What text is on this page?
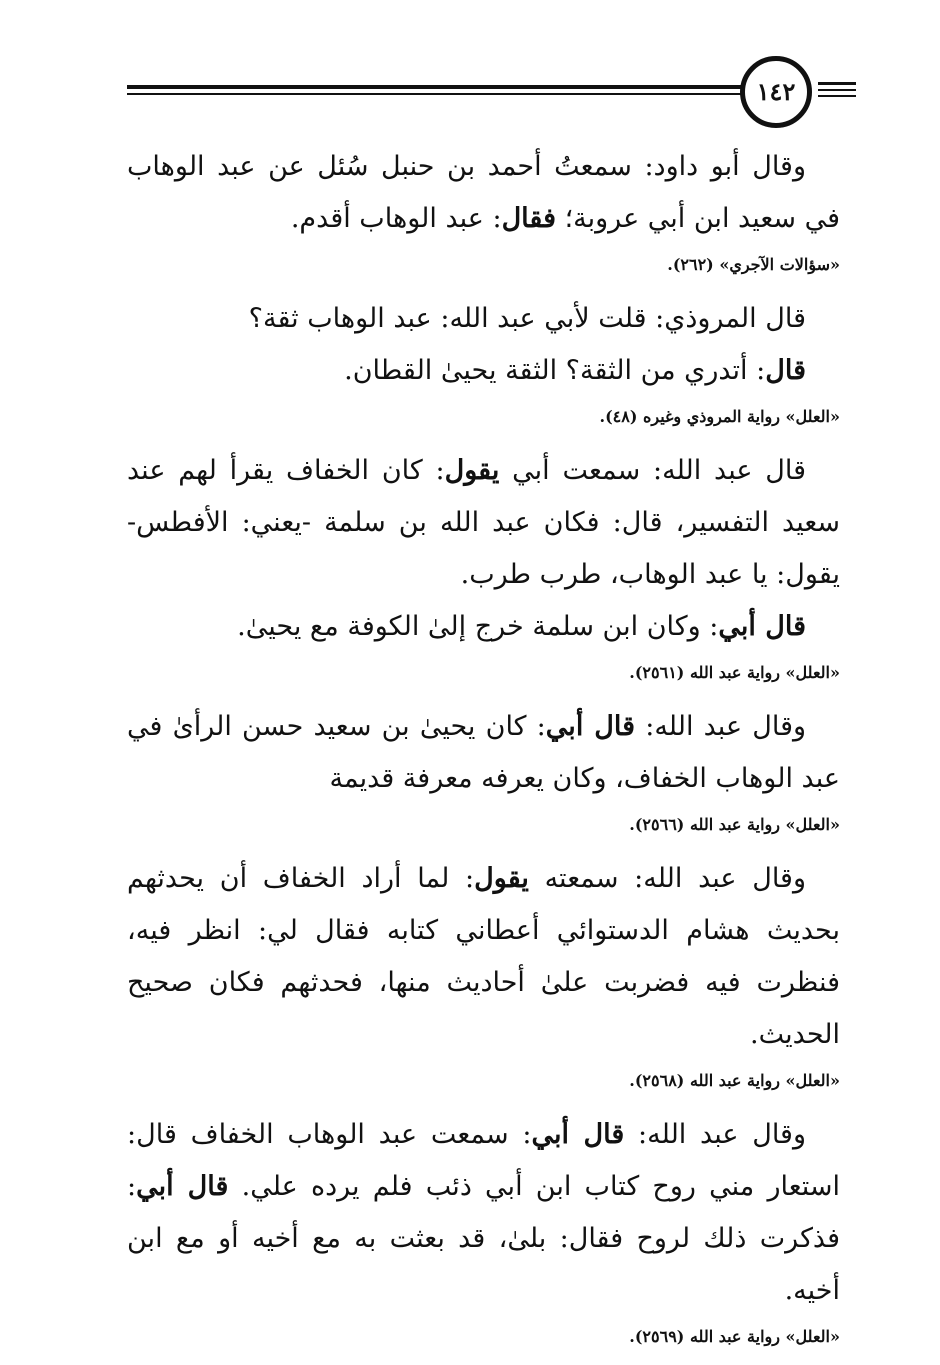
١٤٢

وقال أبو داود: سمعتُ أحمد بن حنبل سُئل عن عبد الوهاب في سعيد ابن أبي عروبة؛ فقال: عبد الوهاب أقدم.

«سؤالات الآجري» (٢٦٢).

قال المروذي: قلت لأبي عبد الله: عبد الوهاب ثقة؟

قال: أتدري من الثقة؟ الثقة يحيىٰ القطان.

«العلل» رواية المروذي وغيره (٤٨).

قال عبد الله: سمعت أبي يقول: كان الخفاف يقرأ لهم عند سعيد التفسير، قال: فكان عبد الله بن سلمة -يعني: الأفطس- يقول: يا عبد الوهاب، طرب طرب.

قال أبي: وكان ابن سلمة خرج إلىٰ الكوفة مع يحيىٰ.

«العلل» رواية عبد الله (٢٥٦١).

وقال عبد الله: قال أبي: كان يحيىٰ بن سعيد حسن الرأىٰ في عبد الوهاب الخفاف، وكان يعرفه معرفة قديمة

«العلل» رواية عبد الله (٢٥٦٦).

وقال عبد الله: سمعته يقول: لما أراد الخفاف أن يحدثهم بحديث هشام الدستوائي أعطاني كتابه فقال لي: انظر فيه، فنظرت فيه فضربت علىٰ أحاديث منها، فحدثهم فكان صحيح الحديث.

«العلل» رواية عبد الله (٢٥٦٨).

وقال عبد الله: قال أبي: سمعت عبد الوهاب الخفاف قال: استعار مني روح كتاب ابن أبي ذئب فلم يرده علي. قال أبي: فذكرت ذلك لروح فقال: بلىٰ، قد بعثت به مع أخيه أو مع ابن أخيه.

«العلل» رواية عبد الله (٢٥٦٩).
